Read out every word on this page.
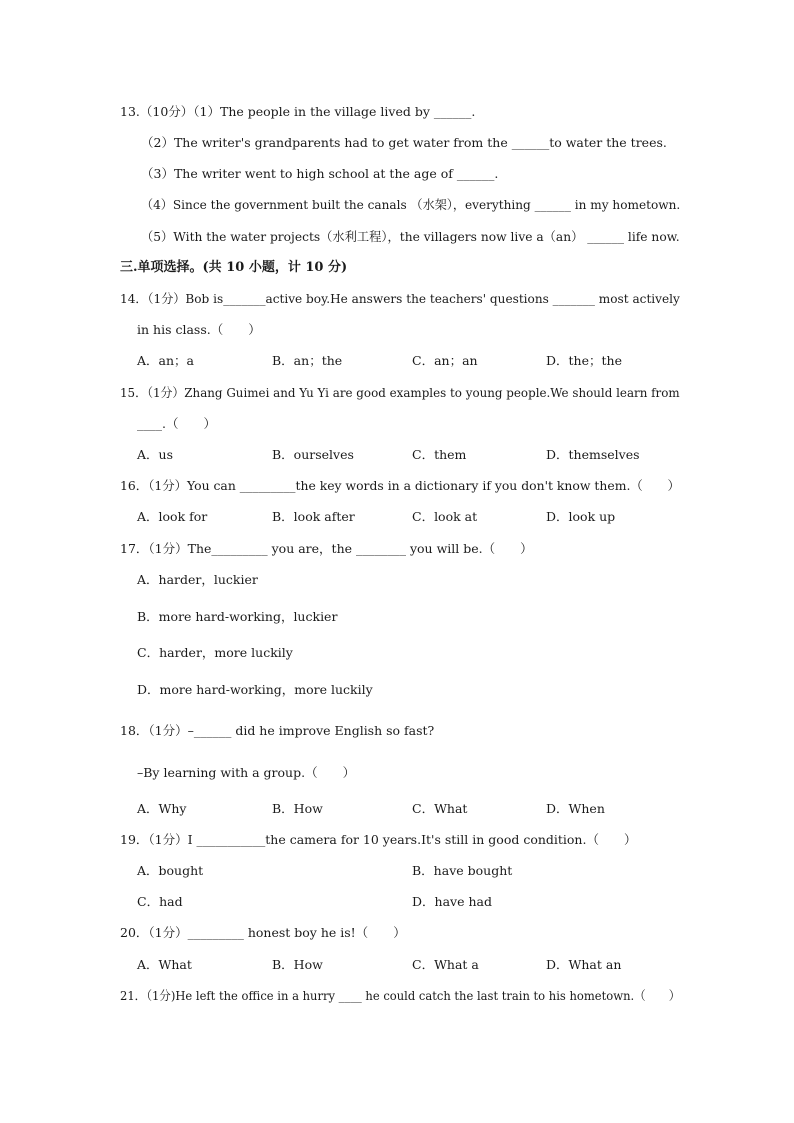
13.（10分）（1）The people in the village lived by ______.
（2）The writer's grandparents had to get water from the ______to water the trees.
（3）The writer went to high school at the age of ______.
（4）Since the government built the canals （水架），everything ______ in my hometown.
（5）With the water projects（水利工程），the villagers now live a（an） ______ life now.
三.单项选择。(共 10 小题，计 10 分)
14．（1分）Bob is_______active boy.He answers the teachers' questions _______ most actively
in his class.（　　）
A．an；a	B．an；the	C．an；an	D．the；the
15．（1分）Zhang Guimei and Yu Yi are good examples to young people.We should learn from
____.（　　）
A．us	B．ourselves	C．them	D．themselves
16．（1分）You can _________the key words in a dictionary if you don't know them.（　　）
A．look for	B．look after	C．look at	D．look up
17．（1分）The_________ you are，the ________ you will be.（　　）
A．harder，luckier
B．more hard-working，luckier
C．harder，more luckily
D．more hard-working，more luckily
18．（1分）–______ did he improve English so fast?
–By learning with a group.（　　）
A．Why	B．How	C．What	D．When
19．（1分）I ___________the camera for 10 years.It's still in good condition.（　　）
A．bought	B．have bought
C．had	D．have had
20．（1分）_________ honest boy he is!（　　）
A．What	B．How	C．What a	D．What an
21．（1分)He left the office in a hurry ____ he could catch the last train to his hometown.（　　）
